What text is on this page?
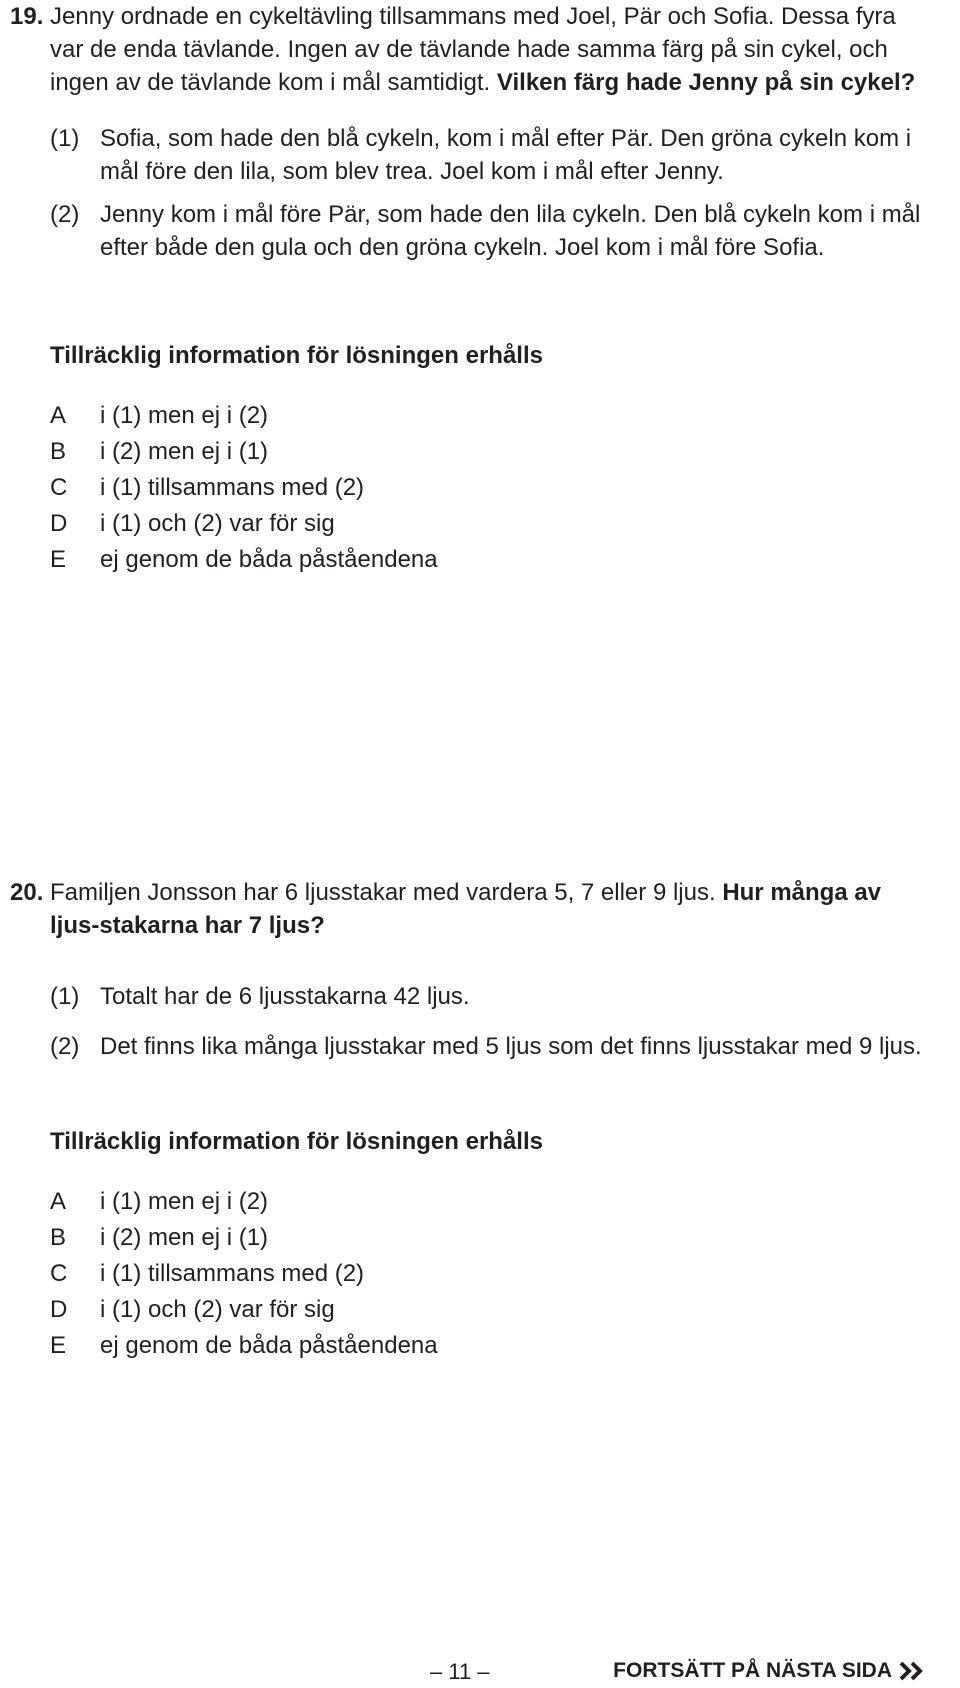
19. Jenny ordnade en cykeltävling tillsammans med Joel, Pär och Sofia. Dessa fyra var de enda tävlande. Ingen av de tävlande hade samma färg på sin cykel, och ingen av de tävlande kom i mål samtidigt. Vilken färg hade Jenny på sin cykel?
(1) Sofia, som hade den blå cykeln, kom i mål efter Pär. Den gröna cykeln kom i mål före den lila, som blev trea. Joel kom i mål efter Jenny.
(2) Jenny kom i mål före Pär, som hade den lila cykeln. Den blå cykeln kom i mål efter både den gula och den gröna cykeln. Joel kom i mål före Sofia.
Tillräcklig information för lösningen erhålls
A i (1) men ej i (2)
B i (2) men ej i (1)
C i (1) tillsammans med (2)
D i (1) och (2) var för sig
E ej genom de båda påståendena
20. Familjen Jonsson har 6 ljusstakar med vardera 5, 7 eller 9 ljus. Hur många av ljus-stakarna har 7 ljus?
(1) Totalt har de 6 ljusstakarna 42 ljus.
(2) Det finns lika många ljusstakar med 5 ljus som det finns ljusstakar med 9 ljus.
Tillräcklig information för lösningen erhålls
A i (1) men ej i (2)
B i (2) men ej i (1)
C i (1) tillsammans med (2)
D i (1) och (2) var för sig
E ej genom de båda påståendena
– 11 –	FORTSÄTT PÅ NÄSTA SIDA
